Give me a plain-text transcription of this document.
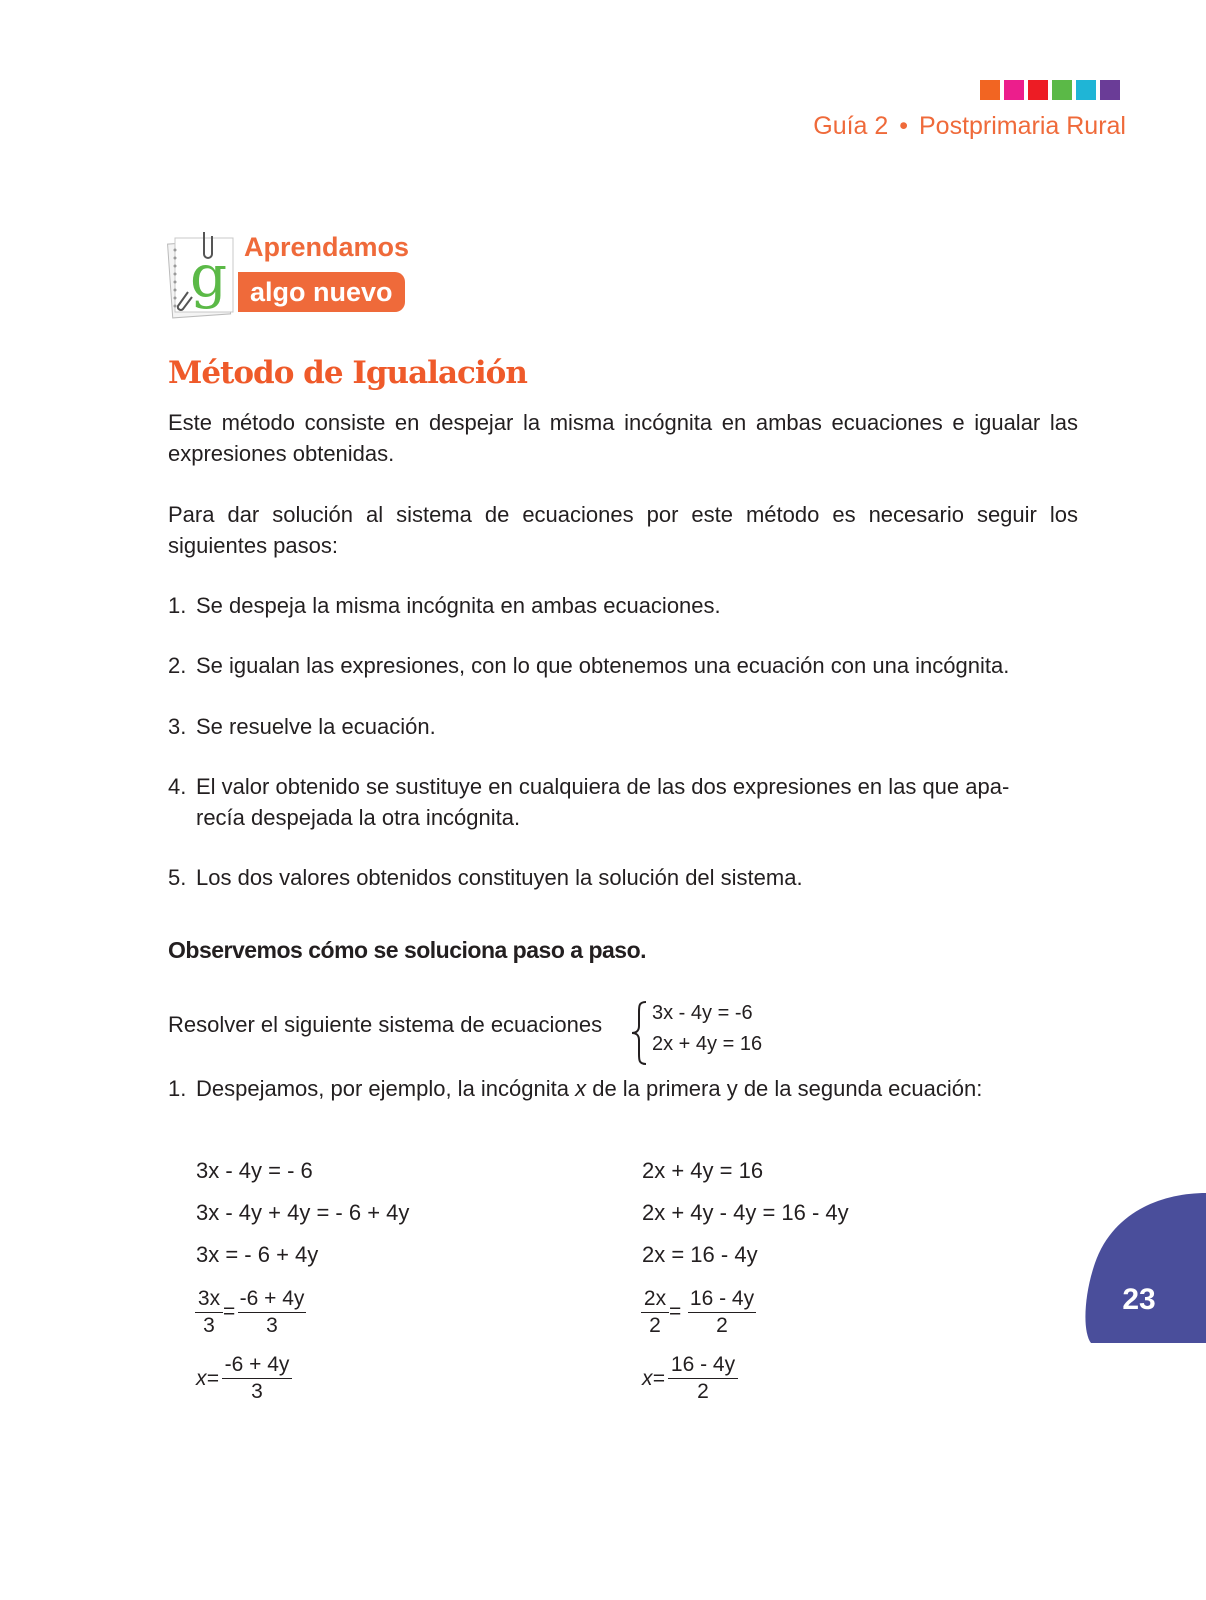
Guía 2 • Postprimaria Rural
g Aprendamos
algo nuevo
Método de Igualación
Este método consiste en despejar la misma incógnita en ambas ecuaciones e igualar las expresiones obtenidas.
Para dar solución al sistema de ecuaciones por este método es necesario seguir los siguientes pasos:
1. Se despeja la misma incógnita en ambas ecuaciones.
2. Se igualan las expresiones, con lo que obtenemos una ecuación con una incógnita.
3. Se resuelve la ecuación.
4. El valor obtenido se sustituye en cualquiera de las dos expresiones en las que apa-
recía despejada la otra incógnita.
5. Los dos valores obtenidos constituyen la solución del sistema.
Observemos cómo se soluciona paso a paso.
Resolver el siguiente sistema de ecuaciones 3x - 4y = -6
2x + 4y = 16
1. Despejamos, por ejemplo, la incógnita x de la primera y de la segunda ecuación:
3x - 4y = - 6
3x - 4y + 4y = - 6 + 4y
3x = - 6 + 4y
$\frac{3x}{3} = \frac{-6 + 4y}{3}$
$x= \frac{-6 + 4y}{3}$
2x + 4y = 16
2x + 4y - 4y = 16 - 4y
2x = 16 - 4y
$\frac{2x}{2} = \frac{16 - 4y}{2}$
$x= \frac{16 - 4y}{2}$
23
